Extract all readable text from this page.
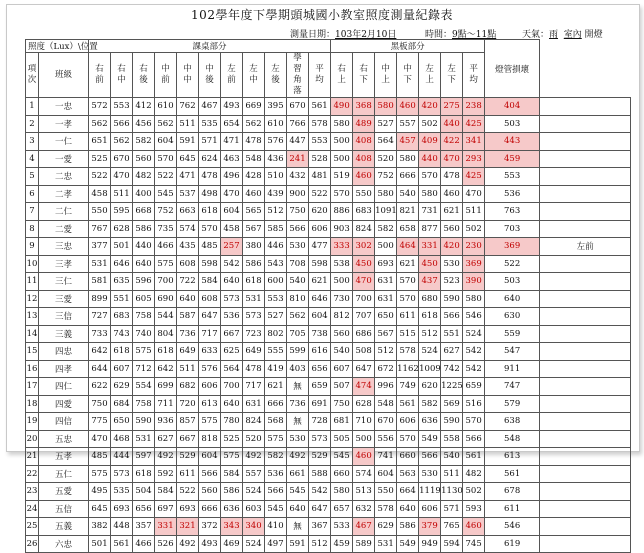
102學年度下學期頭城國小教室照度測量紀錄表
測量日期：103年2月10日	時間：9點～11點	天氣：雨 室內 開燈
照度（Lux）\位置		課桌部分											黑板部分							燈管損壞	
項次	班級	右前	右中	右後	中前	中中	中後	左前	左中	左後	學習角落	平均	右上	右下	中上	中下	左上	左下	平均		
1	一忠	572	553	412	610	762	467	493	669	395	670	561	490	368	580	460	420	275	238	404	
2	一孝	562	566	456	562	511	535	654	562	610	766	578	580	489	527	557	502	440	425	503	
3	一仁	651	562	582	604	591	571	471	478	576	447	553	500	408	564	457	409	422	341	443	
4	一愛	525	670	560	570	645	624	463	548	436	241	528	500	408	520	580	440	470	293	459	
5	二忠	522	470	482	522	471	478	496	428	510	432	481	519	460	752	666	570	478	425	553	
6	二孝	458	511	400	545	537	498	470	460	439	900	522	570	550	580	540	580	460	470	536	
7	二仁	550	595	668	752	663	618	604	565	512	750	620	886	683	1091	821	731	621	511	763	
8	二愛	767	628	586	735	574	570	458	567	585	566	606	903	824	582	658	877	560	502	703	
9	三忠	377	501	440	466	435	485	257	380	446	530	477	333	302	500	464	331	420	230	369	左前
10	三孝	531	646	640	575	608	598	542	586	543	708	598	538	450	693	621	450	530	369	522	
11	三仁	581	635	596	700	722	584	640	618	600	540	621	500	470	631	570	437	523	390	503	
12	三愛	899	551	605	690	640	608	573	531	553	810	646	730	700	631	570	680	590	580	640	
13	三信	727	683	758	544	587	647	536	573	527	562	604	812	707	650	611	618	566	546	630	
14	三義	733	743	740	804	736	717	667	723	802	705	738	560	686	567	515	512	551	524	559	
15	四忠	642	618	575	618	649	633	625	649	555	599	616	540	508	512	578	524	627	542	547	
16	四孝	644	607	712	642	511	576	564	478	419	403	656	607	647	672	1162	1009	742	542	911	
17	四仁	622	629	554	699	682	606	700	717	621	無	659	507	474	996	749	620	1225	659	747	
18	四愛	750	684	758	711	720	613	640	631	666	736	691	750	628	548	561	582	569	516	579	
19	四信	775	650	590	936	857	575	780	824	568	無	728	681	710	670	606	636	590	570	638	
20	五忠	470	468	531	627	667	818	525	520	575	530	573	505	500	556	570	549	558	566	548	
21	五孝	485	444	597	492	529	604	575	492	582	492	529	545	460	741	660	566	540	561	613	
22	五仁	575	573	618	592	611	566	584	557	536	661	588	660	574	604	563	530	511	482	561	
23	五愛	495	535	504	584	522	560	586	524	566	545	542	580	513	550	664	1119	1130	502	678	
24	五信	645	693	656	697	693	666	636	603	545	640	647	657	632	578	640	606	571	593	611	
25	五義	382	448	357	331	321	372	343	340	410	無	367	533	467	629	586	379	765	460	546	
26	六忠	501	561	466	526	492	493	469	524	497	591	512	459	589	531	549	949	594	745	619	
